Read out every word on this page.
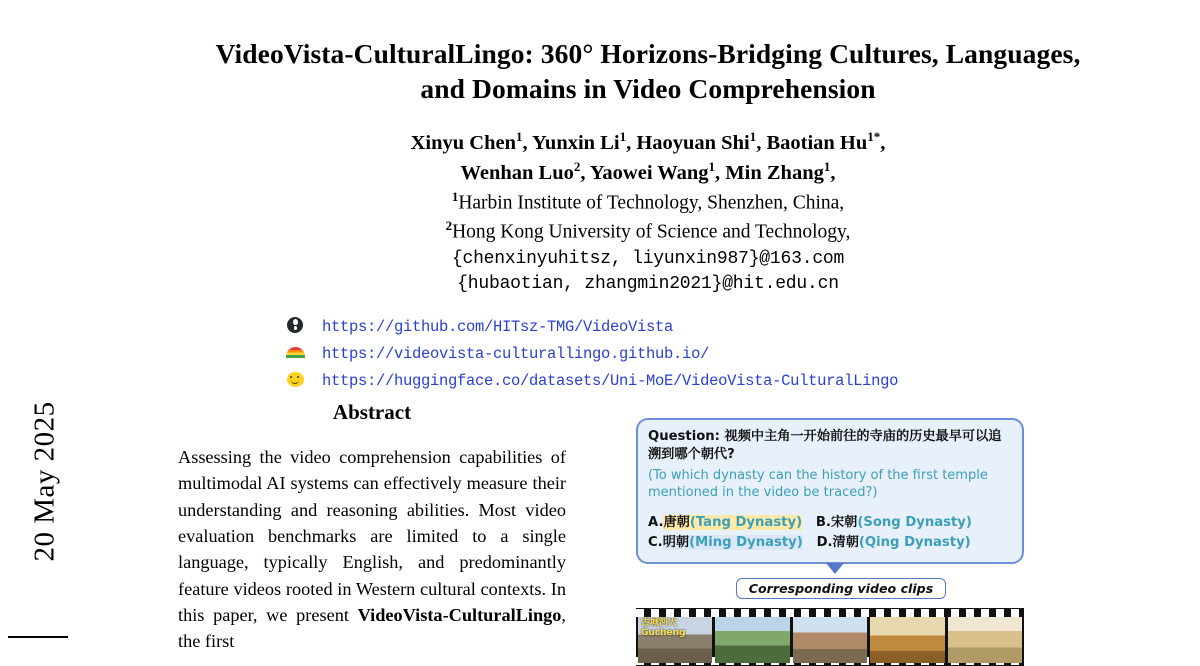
20 May 2025
VideoVista-CulturalLingo: 360° Horizons-Bridging Cultures, Languages,
and Domains in Video Comprehension
Xinyu Chen$^1$, Yunxin Li$^1$, Haoyuan Shi$^1$, Baotian $Hu^{1*}$,
Wenhan Luo$^2$, Yaowei Wang$^1$, Min Zhang$^1$,
$^1$Harbin Institute of Technology, Shenzhen, China,
$^2$Hong Kong University of Science and Technology,
{chenxinyuhitsz, liyunxin987}@163.com
{hubaotian, zhangmin2021}@hit.edu.cn
https://github.com/HITsz-TMG/VideoVista
https://videovista-culturallingo.github.io/
https://huggingface.co/datasets/Uni-MoE/VideoVista-CulturalLingo
Abstract
Assessing the video comprehension capabilities of multimodal AI systems can effectively measure their understanding and reasoning abilities. Most video evaluation benchmarks are limited to a single language, typically English, and predominantly feature videos rooted in Western cultural contexts. In this paper, we present VideoVista-CulturalLingo, the first
Question: 视频中主角一开始前往的寺庙的历史最早可以追溯到哪个朝代?
(To which dynasty can the history of the first temple mentioned in the video be traced?)
A.唐朝(Tang Dynasty) B.宋朝(Song Dynasty)
C.明朝(Ming Dynasty) D.清朝(Qing Dynasty)
Corresponding video clips
古城河大 Gucheng
